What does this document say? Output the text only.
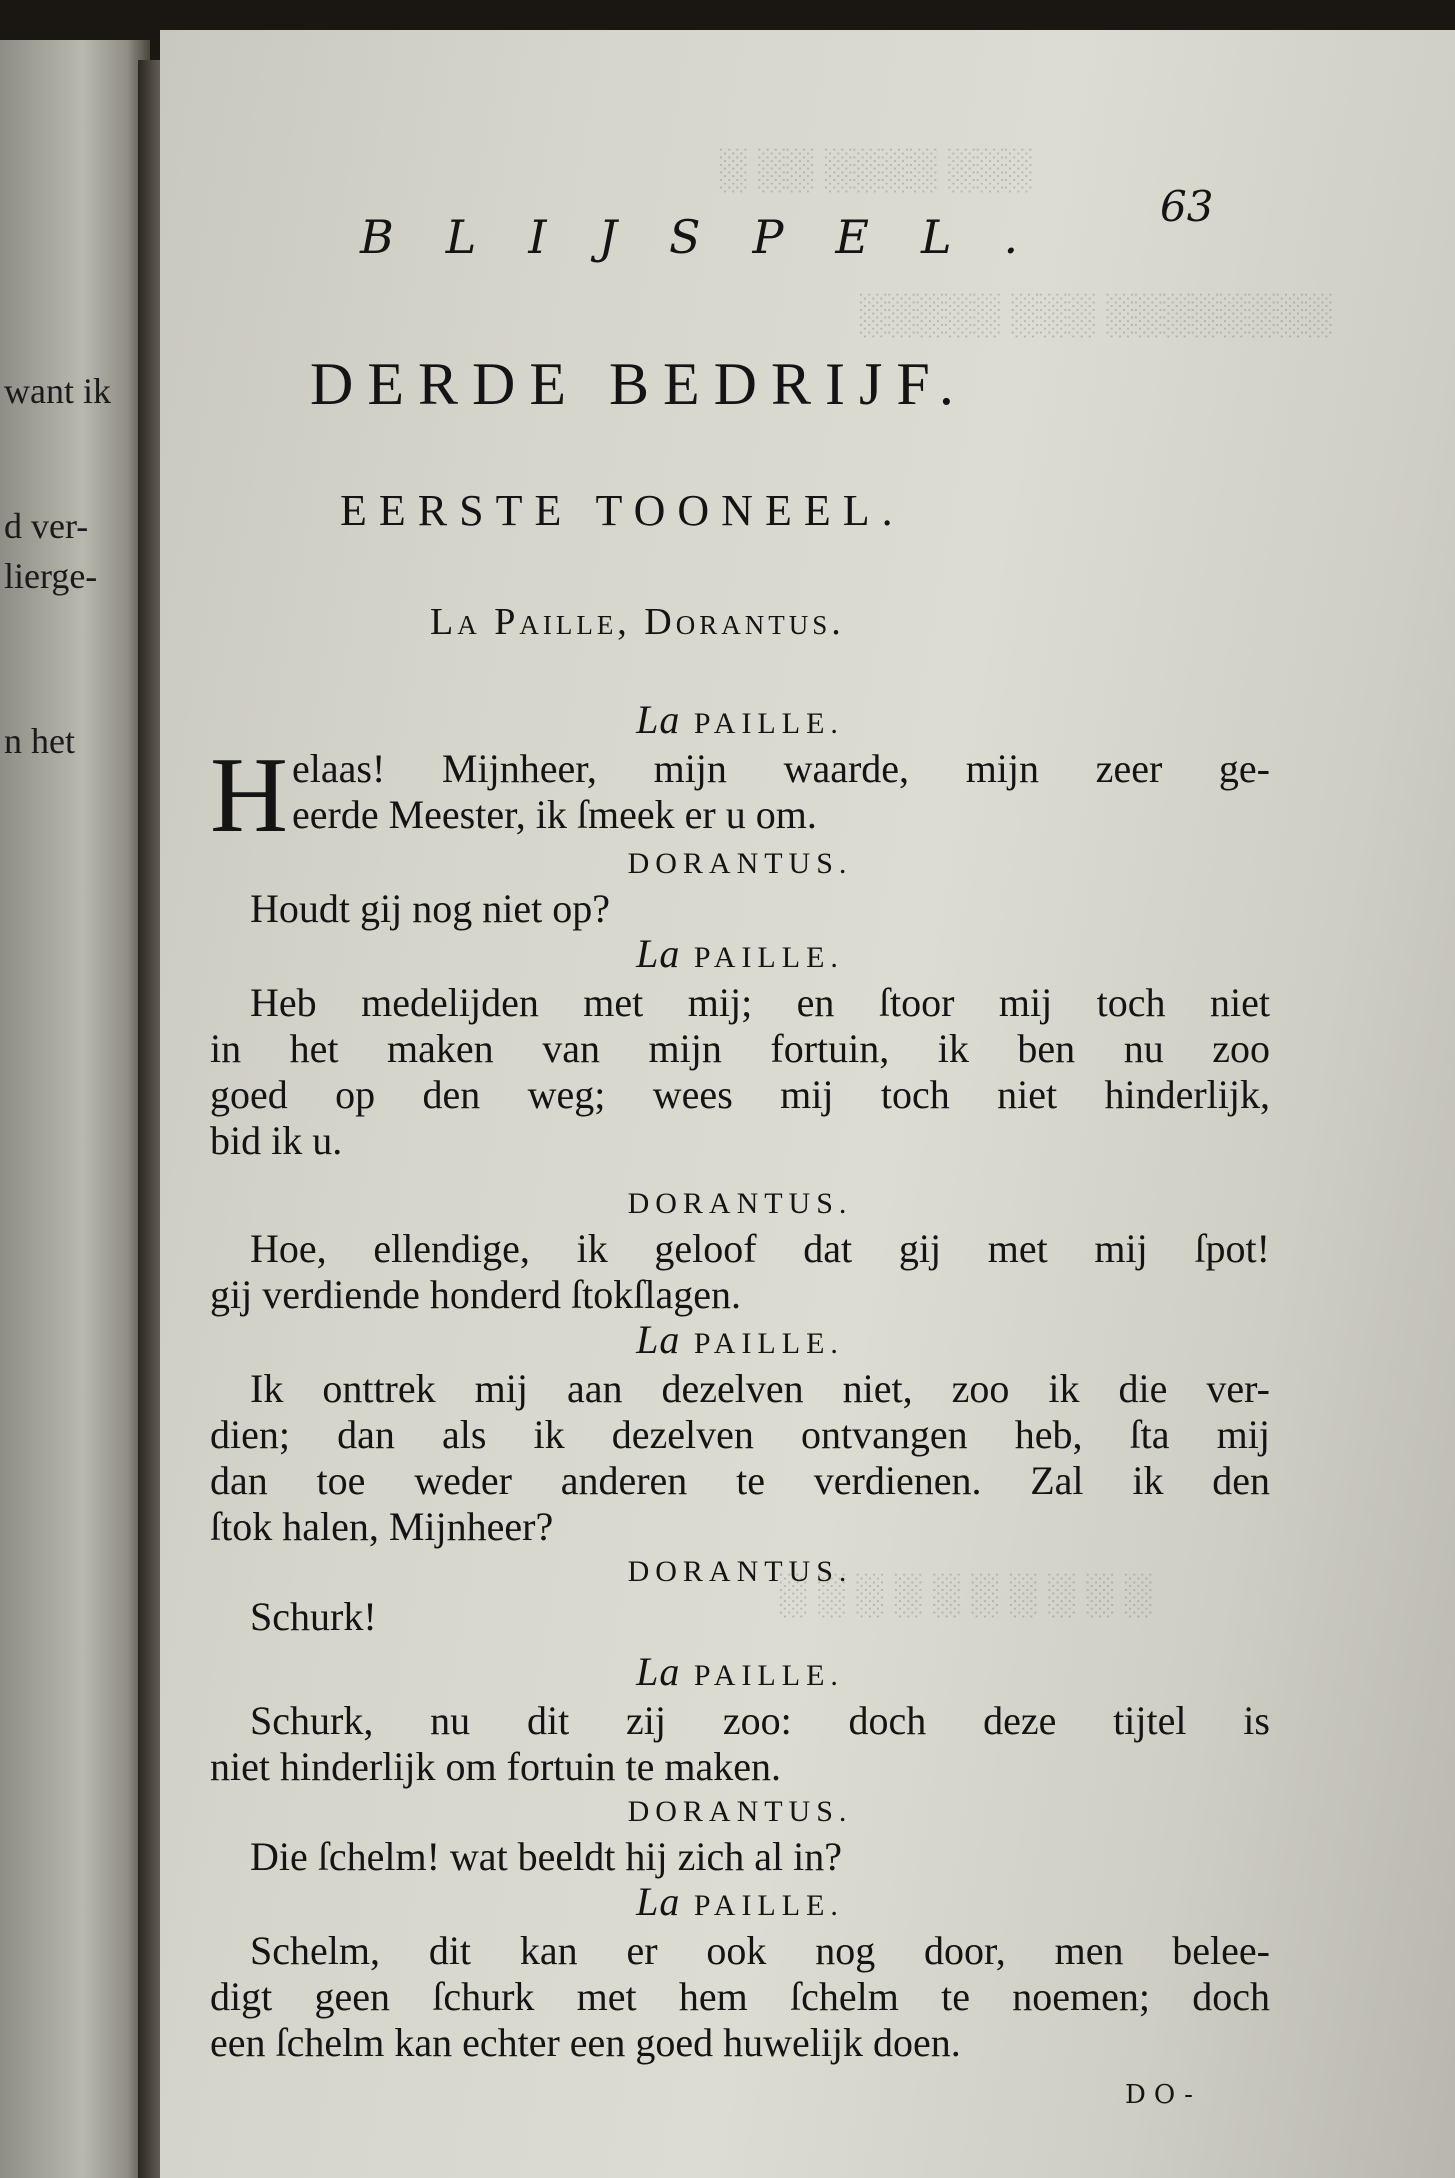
want ik
d ver-
lierge-
n het
░░░ ░░░░ ░░ ░
░░░░░░░░ ░░░ ░░░░░
░ ░ ░ ░ ░ ░ ░ ░ ░ ░
BLIJSPEL.
63
DERDE BEDRIJF.
EERSTE TOONEEL.
La Paille, Dorantus.
La PAILLE.
H elaas! Mijnheer, mijn waarde, mijn zeer ge-
eerde Meester, ik ſmeek er u om.
DORANTUS.
Houdt gij nog niet op?
La PAILLE.
Heb medelijden met mij; en ſtoor mij toch niet
in het maken van mijn fortuin, ik ben nu zoo
goed op den weg; wees mij toch niet hinderlijk,
bid ik u.
DORANTUS.
Hoe, ellendige, ik geloof dat gij met mij ſpot!
gij verdiende honderd ſtokſlagen.
La PAILLE.
Ik onttrek mij aan dezelven niet, zoo ik die ver-
dien; dan als ik dezelven ontvangen heb, ſta mij
dan toe weder anderen te verdienen. Zal ik den
ſtok halen, Mijnheer?
DORANTUS.
Schurk!
La PAILLE.
Schurk, nu dit zij zoo: doch deze tijtel is
niet hinderlijk om fortuin te maken.
DORANTUS.
Die ſchelm! wat beeldt hij zich al in?
La PAILLE.
Schelm, dit kan er ook nog door, men belee-
digt geen ſchurk met hem ſchelm te noemen; doch
een ſchelm kan echter een goed huwelijk doen.
DO-
